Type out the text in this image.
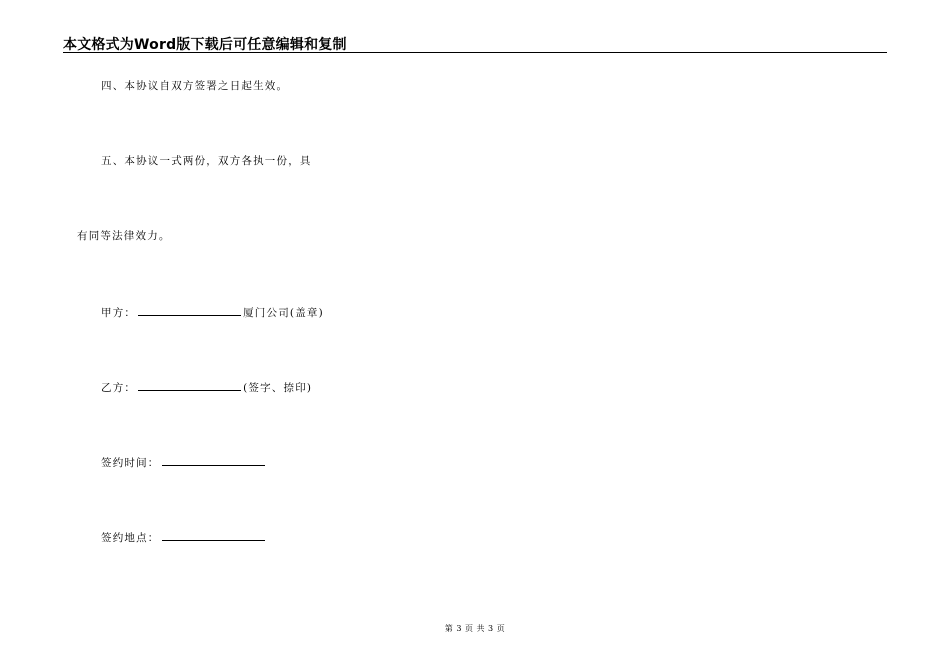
本文格式为Word版下载后可任意编辑和复制
四、本协议自双方签署之日起生效。
五、本协议一式两份，双方各执一份，具
有同等法律效力。
甲方：	厦门公司(盖章)
乙方：	(签字、捺印)
签约时间：
签约地点：
第 3 页 共 3 页
